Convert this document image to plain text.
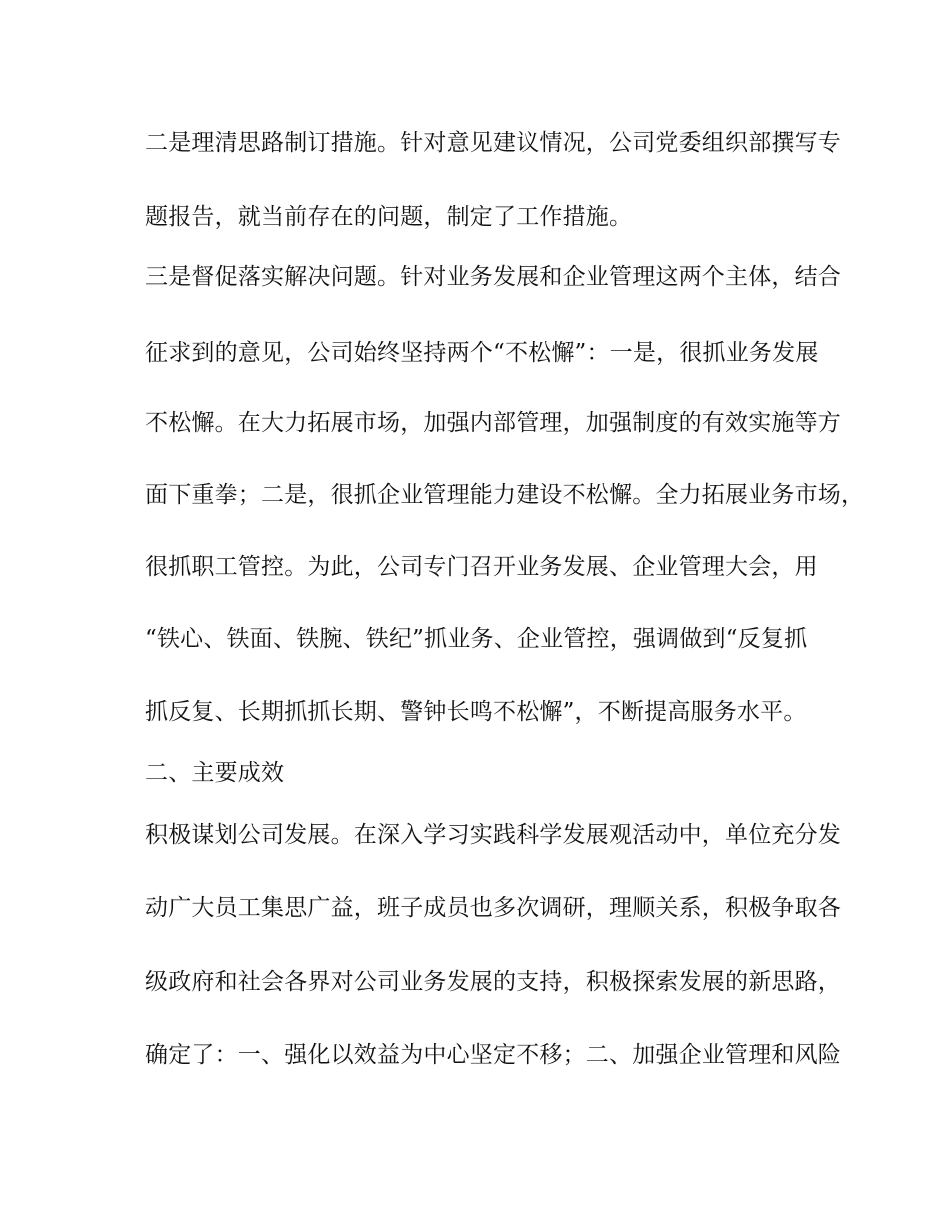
二是理清思路制订措施。针对意见建议情况，公司党委组织部撰写专
题报告，就当前存在的问题，制定了工作措施。
三是督促落实解决问题。针对业务发展和企业管理这两个主体，结合
征求到的意见，公司始终坚持两个“不松懈”：一是，很抓业务发展
不松懈。在大力拓展市场，加强内部管理，加强制度的有效实施等方
面下重拳；二是，很抓企业管理能力建设不松懈。全力拓展业务市场，
很抓职工管控。为此，公司专门召开业务发展、企业管理大会，用
“铁心、铁面、铁腕、铁纪”抓业务、企业管控，强调做到“反复抓
抓反复、长期抓抓长期、警钟长鸣不松懈”，不断提高服务水平。
二、主要成效
积极谋划公司发展。在深入学习实践科学发展观活动中，单位充分发
动广大员工集思广益，班子成员也多次调研，理顺关系，积极争取各
级政府和社会各界对公司业务发展的支持，积极探索发展的新思路，
确定了：一、强化以效益为中心坚定不移；二、加强企业管理和风险
